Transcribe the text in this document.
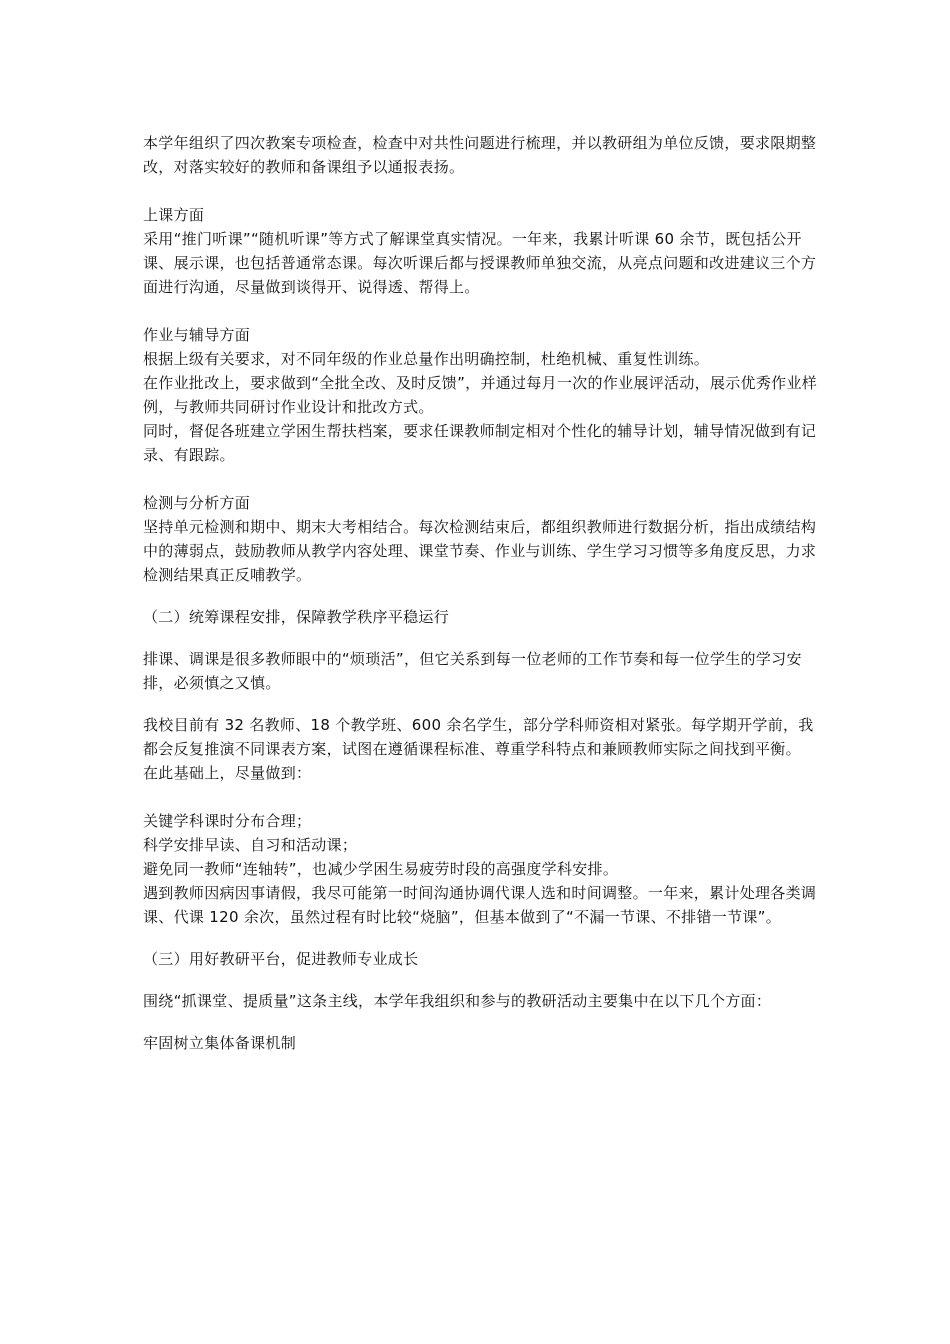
本学年组织了四次教案专项检查，检查中对共性问题进行梳理，并以教研组为单位反馈，要求限期整改，对落实较好的教师和备课组予以通报表扬。

上课方面

采用“推门听课”“随机听课”等方式了解课堂真实情况。一年来，我累计听课 60 余节，既包括公开课、展示课，也包括普通常态课。每次听课后都与授课教师单独交流，从亮点问题和改进建议三个方面进行沟通，尽量做到谈得开、说得透、帮得上。

作业与辅导方面

根据上级有关要求，对不同年级的作业总量作出明确控制，杜绝机械、重复性训练。

在作业批改上，要求做到“全批全改、及时反馈”，并通过每月一次的作业展评活动，展示优秀作业样例，与教师共同研讨作业设计和批改方式。

同时，督促各班建立学困生帮扶档案，要求任课教师制定相对个性化的辅导计划，辅导情况做到有记录、有跟踪。

检测与分析方面

坚持单元检测和期中、期末大考相结合。每次检测结束后，都组织教师进行数据分析，指出成绩结构中的薄弱点，鼓励教师从教学内容处理、课堂节奏、作业与训练、学生学习习惯等多角度反思，力求检测结果真正反哺教学。

（二）统筹课程安排，保障教学秩序平稳运行

排课、调课是很多教师眼中的“烦琐活”，但它关系到每一位老师的工作节奏和每一位学生的学习安排，必须慎之又慎。

我校目前有 32 名教师、18 个教学班、600 余名学生，部分学科师资相对紧张。每学期开学前，我都会反复推演不同课表方案，试图在遵循课程标准、尊重学科特点和兼顾教师实际之间找到平衡。

在此基础上，尽量做到：

关键学科课时分布合理；

科学安排早读、自习和活动课；

避免同一教师“连轴转”，也减少学困生易疲劳时段的高强度学科安排。

遇到教师因病因事请假，我尽可能第一时间沟通协调代课人选和时间调整。一年来，累计处理各类调课、代课 120 余次，虽然过程有时比较“烧脑”，但基本做到了“不漏一节课、不排错一节课”。

（三）用好教研平台，促进教师专业成长

围绕“抓课堂、提质量”这条主线，本学年我组织和参与的教研活动主要集中在以下几个方面：

牢固树立集体备课机制
